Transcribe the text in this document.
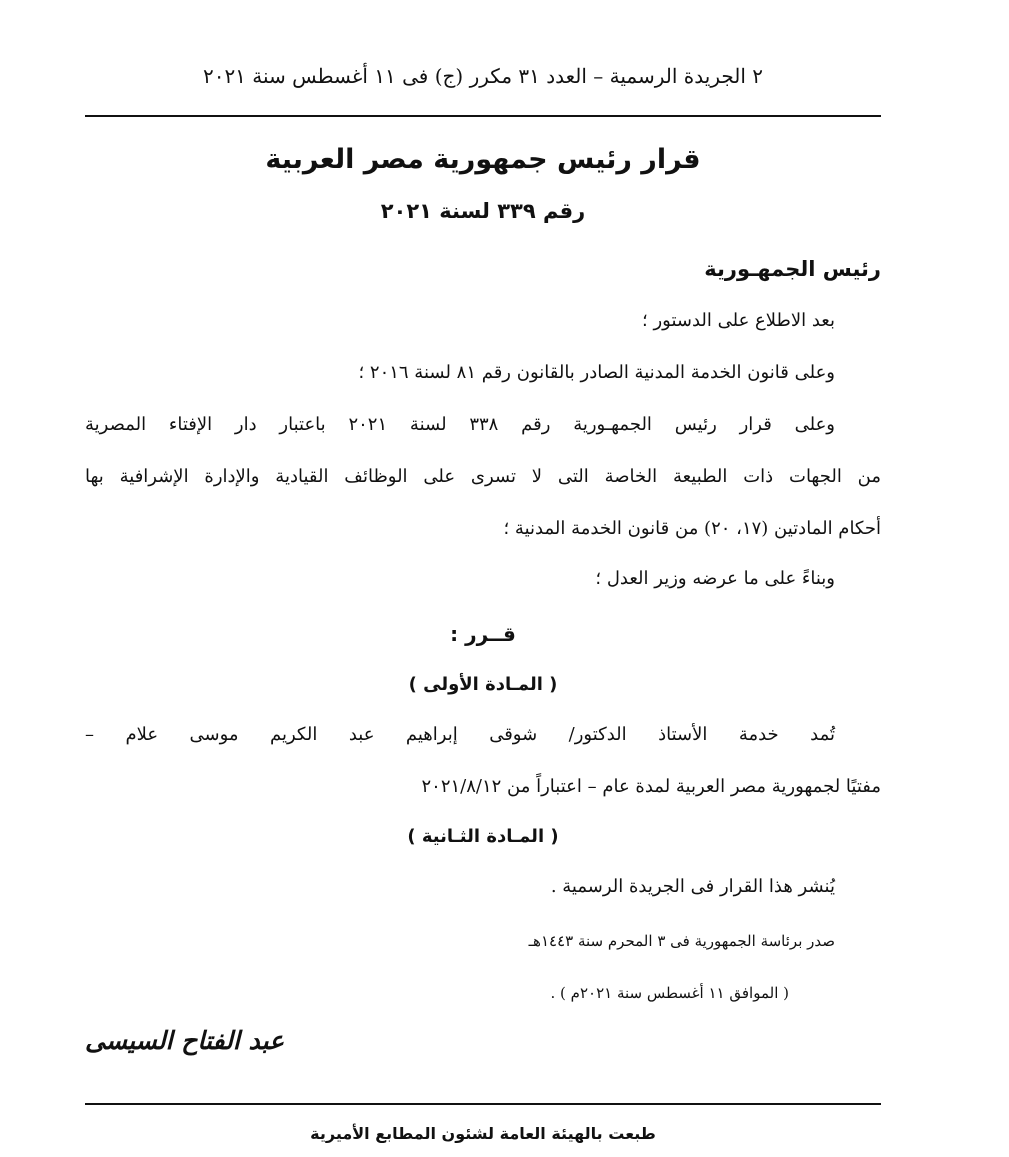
٢ الجريدة الرسمية – العدد ٣١ مكرر (ج) فى ١١ أغسطس سنة ٢٠٢١
قرار رئيس جمهورية مصر العربية
رقم ٣٣٩ لسنة ٢٠٢١
رئيس الجمهـورية
بعد الاطلاع على الدستور ؛
وعلى قانون الخدمة المدنية الصادر بالقانون رقم ٨١ لسنة ٢٠١٦ ؛
وعلى قرار رئيس الجمهـورية رقم ٣٣٨ لسنة ٢٠٢١ باعتبار دار الإفتاء المصرية
من الجهات ذات الطبيعة الخاصة التى لا تسرى على الوظائف القيادية والإدارة الإشرافية بها
أحكام المادتين (١٧، ٢٠) من قانون الخدمة المدنية ؛
وبناءً على ما عرضه وزير العدل ؛
قــرر :
( المـادة الأولى )
تُمد خدمة الأستاذ الدكتور/ شوقى إبراهيم عبد الكريم موسى علام –
مفتيًا لجمهورية مصر العربية لمدة عام – اعتباراً من ٢٠٢١/٨/١٢
( المـادة الثـانية )
يُنشر هذا القرار فى الجريدة الرسمية .
صدر برئاسة الجمهورية فى ٣ المحرم سنة ١٤٤٣هـ
( الموافق ١١ أغسطس سنة ٢٠٢١م ) .
عبد الفتاح السيسى
طبعت بالهيئة العامة لشئون المطابع الأميرية
